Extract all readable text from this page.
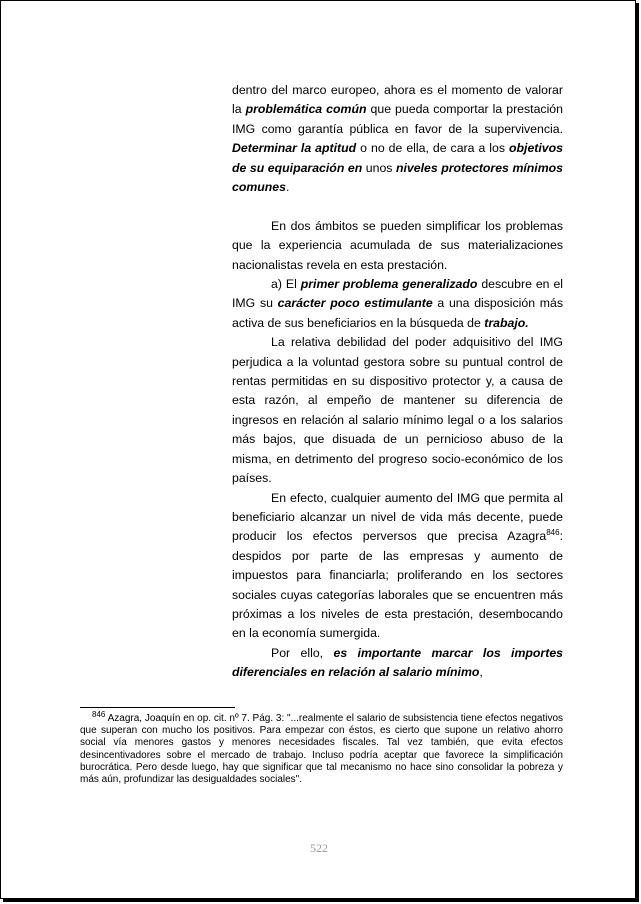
dentro del marco europeo, ahora es el momento de valorar la problemática común que pueda comportar la prestación IMG como garantía pública en favor de la supervivencia. Determinar la aptitud o no de ella, de cara a los objetivos de su equiparación en unos niveles protectores mínimos comunes.

En dos ámbitos se pueden simplificar los problemas que la experiencia acumulada de sus materializaciones nacionalistas revela en esta prestación.

a) El primer problema generalizado descubre en el IMG su carácter poco estimulante a una disposición más activa de sus beneficiarios en la búsqueda de trabajo.

La relativa debilidad del poder adquisitivo del IMG perjudica a la voluntad gestora sobre su puntual control de rentas permitidas en su dispositivo protector y, a causa de esta razón, al empeño de mantener su diferencia de ingresos en relación al salario mínimo legal o a los salarios más bajos, que disuada de un pernicioso abuso de la misma, en detrimento del progreso socio-económico de los países.

En efecto, cualquier aumento del IMG que permita al beneficiario alcanzar un nivel de vida más decente, puede producir los efectos perversos que precisa Azagra$^{846}$: despidos por parte de las empresas y aumento de impuestos para financiarla; proliferando en los sectores sociales cuyas categorías laborales que se encuentren más próximas a los niveles de esta prestación, desembocando en la economía sumergida.

Por ello, es importante marcar los importes diferenciales en relación al salario mínimo,

$^{846}$ Azagra, Joaquín en op. cit. nº 7. Pág. 3: "...realmente el salario de subsistencia tiene efectos negativos que superan con mucho los positivos. Para empezar con éstos, es cierto que supone un relativo ahorro social vía menores gastos y menores necesidades fiscales. Tal vez también, que evita efectos desincentivadores sobre el mercado de trabajo. Incluso podría aceptar que favorece la simplificación burocrática. Pero desde luego, hay que significar que tal mecanismo no hace sino consolidar la pobreza y más aún, profundizar las desigualdades sociales".
522
